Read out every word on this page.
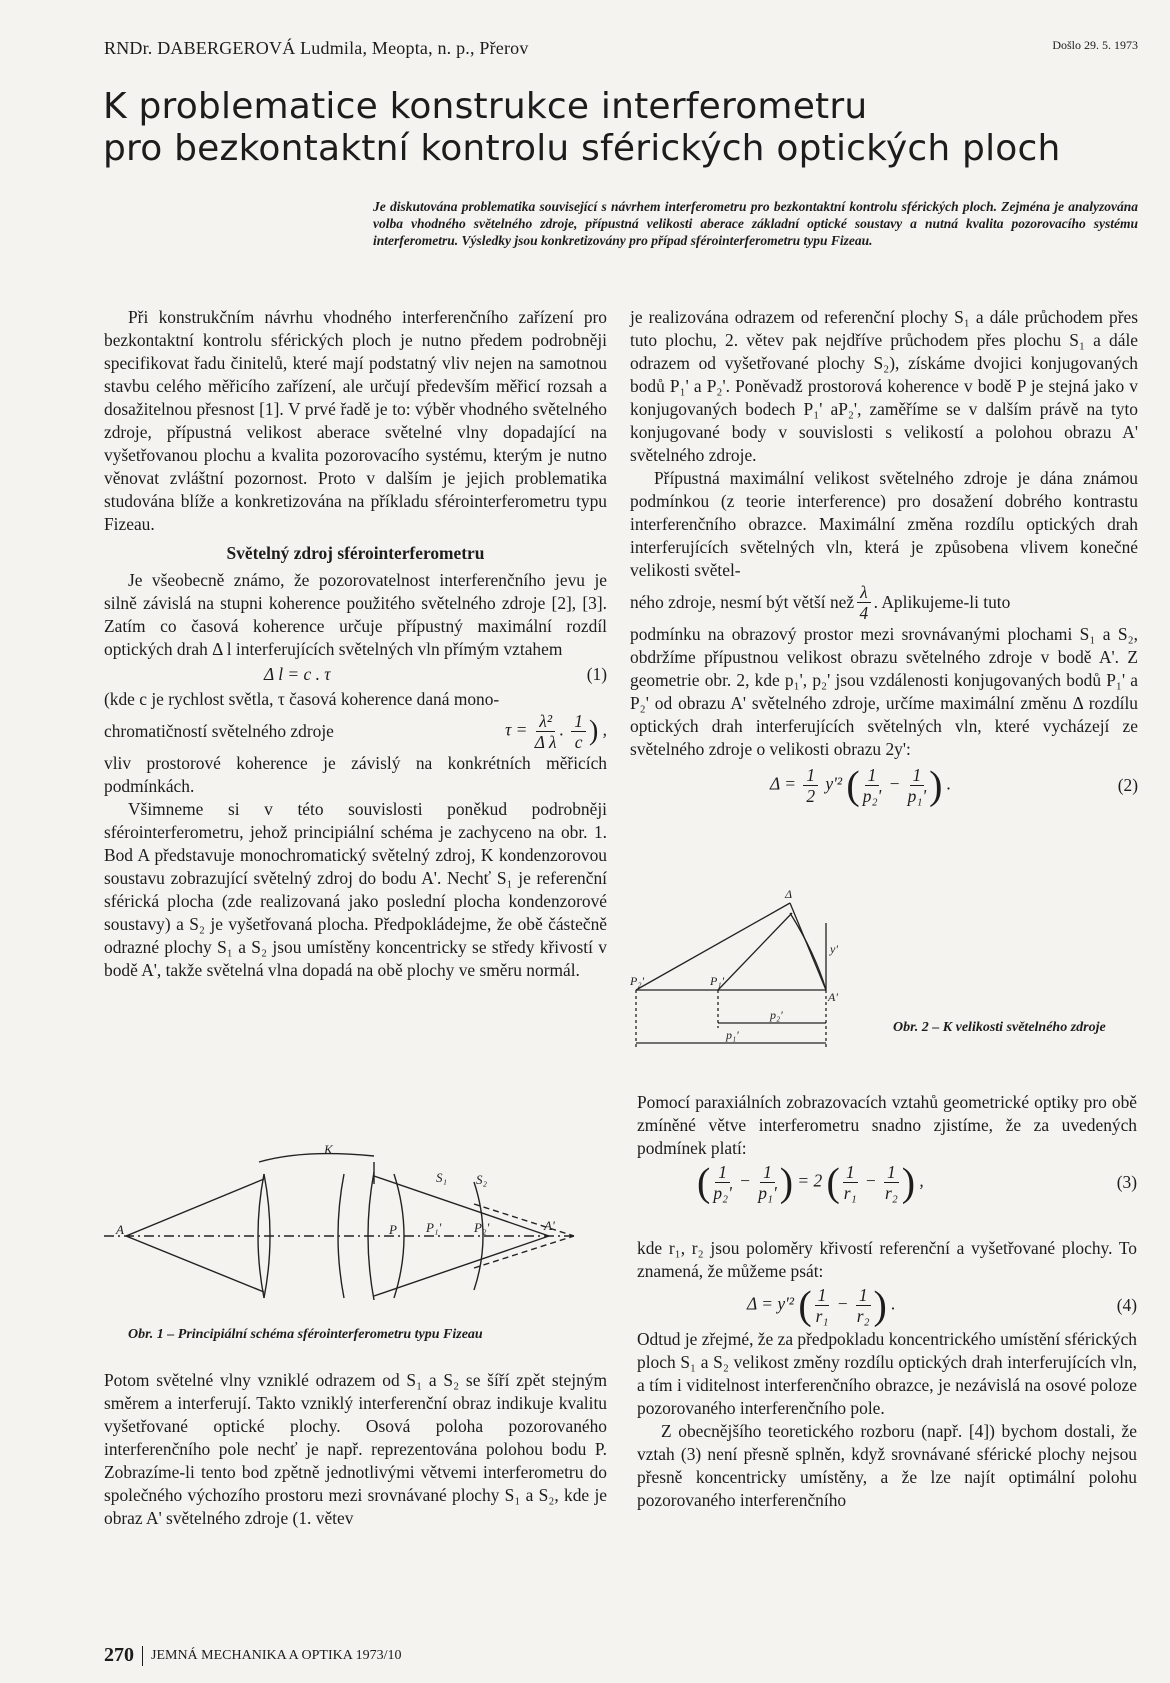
RNDr. DABERGEROVÁ Ludmila, Meopta, n. p., Přerov	Došlo 29. 5. 1973
K problematice konstrukce interferometru
pro bezkontaktní kontrolu sférických optických ploch
Je diskutována problematika související s návrhem interferometru pro bezkontaktní kontrolu sférických ploch. Zejména je analyzována volba vhodného světelného zdroje, přípustná velikosti aberace základní optické soustavy a nutná kvalita pozorovacího systému interferometru. Výsledky jsou konkretizovány pro případ sférointerferometru typu Fizeau.

Při konstrukčním návrhu vhodného interferenčního zařízení pro bezkontaktní kontrolu sférických ploch je nutno předem podrobněji specifikovat řadu činitelů, které mají podstatný vliv nejen na samotnou stavbu celého měřicího zařízení, ale určují především měřicí rozsah a dosažitelnou přesnost [1]. V prvé řadě je to: výběr vhodného světelného zdroje, přípustná velikost aberace světelné vlny dopadající na vyšetřovanou plochu a kvalita pozorovacího systému, kterým je nutno věnovat zvláštní pozornost. Proto v dalším je jejich problematika studována blíže a konkretizována na příkladu sférointerferometru typu Fizeau.

Světelný zdroj sférointerferometru

Je všeobecně známo, že pozorovatelnost interferenčního jevu je silně závislá na stupni koherence použitého světelného zdroje [2], [3]. Zatím co časová koherence určuje přípustný maximální rozdíl optických drah Δ l interferujících světelných vln přímým vztahem

Δ l = c . τ	(1)

(kde c je rychlost světla, τ časová koherence daná mono-

chromatičností světelného zdroje	$\tau = \frac{\text{λ²}}{\text{Δ λ}}$ . $\frac{1}{c}$ ) ,

vliv prostorové koherence je závislý na konkrétních měřicích podmínkách.

Všimneme si v této souvislosti poněkud podrobněji sférointerferometru, jehož principiální schéma je zachyceno na obr. 1. Bod A představuje monochromatický světelný zdroj, K kondenzorovou soustavu zobrazující světelný zdroj do bodu A'. Nechť S₁ je referenční sférická plocha (zde realizovaná jako poslední plocha kondenzorové soustavy) a S₂ je vyšetřovaná plocha. Předpokládejme, že obě částečně odrazné plochy S₁ a S₂ jsou umístěny koncentricky se středy křivostí v bodě A', takže světelná vlna dopadá na obě plochy ve směru normál.

K
A
S₁ S₂
P P₁'	P₂'	A'
Obr. 1 – Principiální schéma sférointerferometru typu Fizeau

Potom světelné vlny vzniklé odrazem od S₁ a S₂ se šíří zpět stejným směrem a interferují. Takto vzniklý interferenční obraz indikuje kvalitu vyšetřované optické plochy. Osová poloha pozorovaného interferenčního pole nechť je např. reprezentována polohou bodu P. Zobrazíme-li tento bod zpětně jednotlivými větvemi interferometru do společného výchozího prostoru mezi srovnávané plochy S₁ a S₂, kde je obraz A' světelného zdroje (1. větev

je realizována odrazem od referenční plochy S₁ a dále průchodem přes tuto plochu, 2. větev pak nejdříve průchodem přes plochu S₁ a dále odrazem od vyšetřované plochy S₂), získáme dvojici konjugovaných bodů P₁' a P₂'. Poněvadž prostorová koherence v bodě P je stejná jako v konjugovaných bodech P₁' aP₂', zaměříme se v dalším právě na tyto konjugované body v souvislosti s velikostí a polohou obrazu A' světelného zdroje.

Přípustná maximální velikost světelného zdroje je dána známou podmínkou (z teorie interference) pro dosažení dobrého kontrastu interferenčního obrazce. Maximální změna rozdílu optických drah interferujících světelných vln, která je způsobena vlivem konečné velikosti světel-

ného zdroje, nesmí být větší než $\frac{\lambda}{4}$ . Aplikujeme-li tuto

podmínku na obrazový prostor mezi srovnávanými plochami S₁ a S₂, obdržíme přípustnou velikost obrazu světelného zdroje v bodě A'. Z geometrie obr. 2, kde p₁', p₂' jsou vzdálenosti konjugovaných bodů P₁' a P₂' od obrazu A' světelného zdroje, určíme maximální změnu Δ rozdílu optických drah interferujících světelných vln, které vycházejí ze světelného zdroje o velikosti obrazu 2y':

$\Delta = \frac{1}{2} y'^2$ ( $\frac{1}{\text{p₂'}} - \frac{1}{\text{p₁'}}$ ) .	(2)
Δ
y'
P₂'	P₁'
A'
p₂'
p₁'	Obr. 2 – K velikosti světelného zdroje

Pomocí paraxiálních zobrazovacích vztahů geometrické optiky pro obě zmíněné větve interferometru snadno zjistíme, že za uvedených podmínek platí:

( $\frac{1}{\text{p₂'}} - \frac{1}{\text{p₁'}}$ ) = 2 ( $\frac{1}{\text{r₁}} - \frac{1}{\text{r₂}}$ ) ,	(3)

kde r₁, r₂ jsou poloměry křivostí referenční a vyšetřované plochy. To znamená, že můžeme psát:

Δ = y'² ( $\frac{1}{\text{r₁}} - \frac{1}{\text{r₂}}$ ) .	(4)

Odtud je zřejmé, že za předpokladu koncentrického umístění sférických ploch S₁ a S₂ velikost změny rozdílu optických drah interferujících vln, a tím i viditelnost interferenčního obrazce, je nezávislá na osové poloze pozorovaného interferenčního pole.

Z obecnějšího teoretického rozboru (např. [4]) bychom dostali, že vztah (3) není přesně splněn, když srovnávané sférické plochy nejsou přesně koncentricky umístěny, a že lze najít optimální polohu pozorovaného interferenčního

270 JEMNÁ MECHANIKA A OPTIKA 1973/10
